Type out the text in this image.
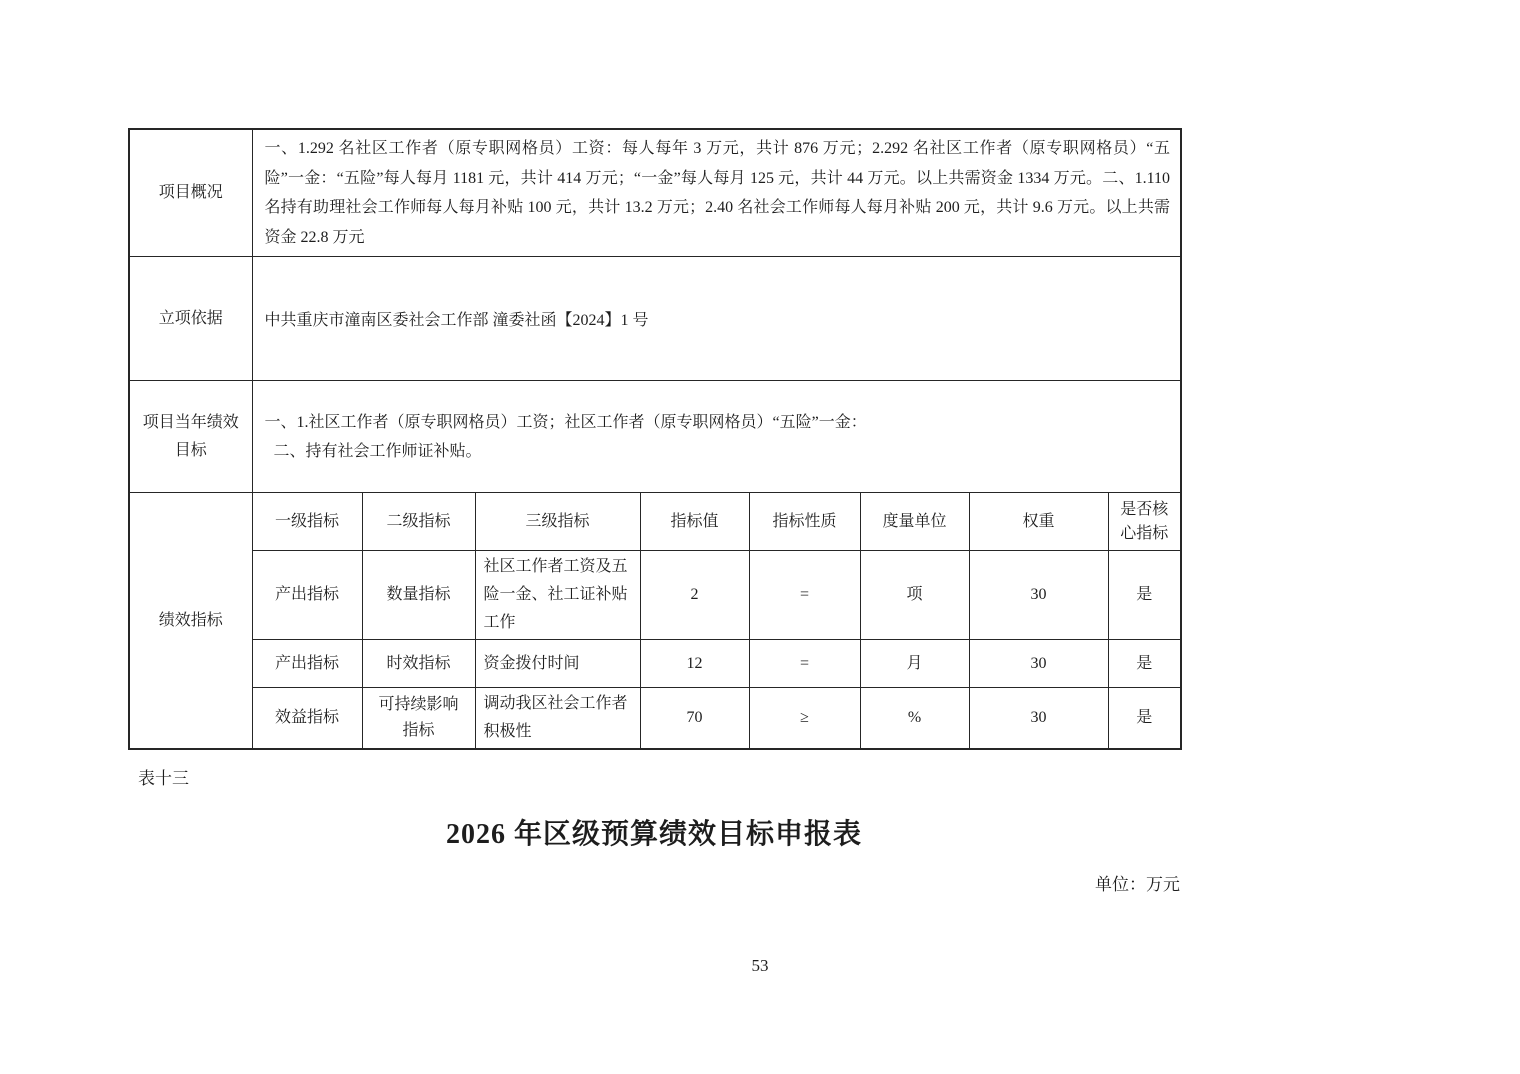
项目概况	一、1.292 名社区工作者（原专职网格员）工资：每人每年 3 万元，共计 876 万元；2.292 名社区工作者（原专职网格员）“五险”一金：“五险”每人每月 1181 元，共计 414 万元；“一金”每人每月 125 元，共计 44 万元。以上共需资金 1334 万元。二、1.110 名持有助理社会工作师每人每月补贴 100 元，共计 13.2 万元；2.40 名社会工作师每人每月补贴 200 元，共计 9.6 万元。以上共需资金 22.8 万元							
立项依据	中共重庆市潼南区委社会工作部 潼委社函【2024】1 号							
项目当年绩效目标	一、1.社区工作者（原专职网格员）工资；社区工作者（原专职网格员）“五险”一金：
二、持有社会工作师证补贴。							

绩效指标	一级指标	二级指标	三级指标	指标值	指标性质	度量单位	权重	是否核心指标
	产出指标	数量指标	社区工作者工资及五险一金、社工证补贴工作	2	=	项	30	是
	产出指标	时效指标	资金拨付时间	12	=	月	30	是
	效益指标	可持续影响指标	调动我区社会工作者积极性	70	≥	%	30	是
表十三
2026 年区级预算绩效目标申报表
单位：万元
53
